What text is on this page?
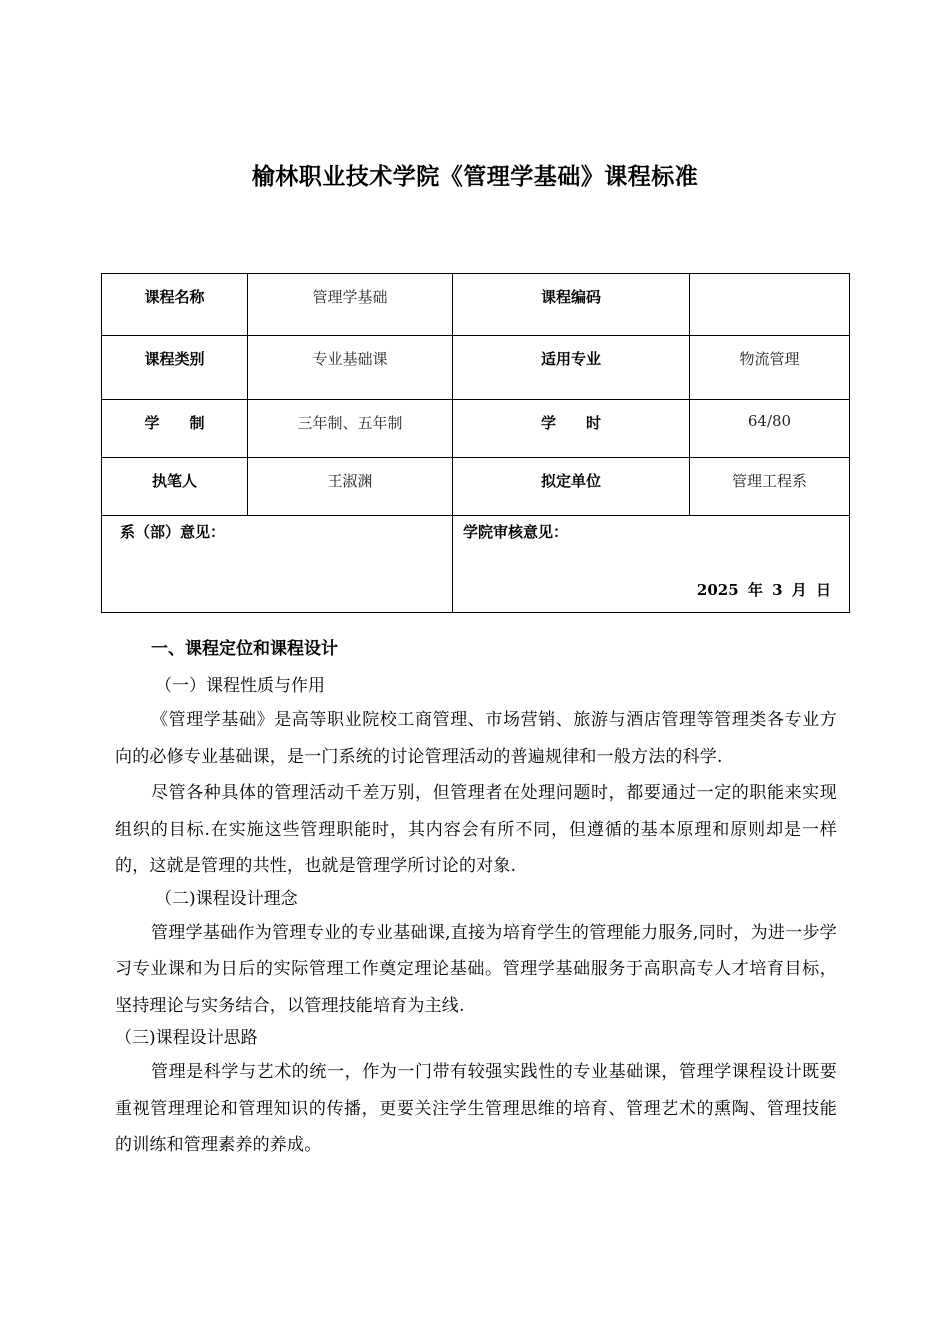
榆林职业技术学院《管理学基础》课程标准
课程名称	管理学基础	课程编码	
课程类别	专业基础课	适用专业	物流管理
学　　制	三年制、五年制	学　　时	64/80
执笔人	王淑渊	拟定单位	管理工程系
系（部）意见：		学院审核意见：
2025 年 3 月 日	
一、课程定位和课程设计
（一）课程性质与作用

《管理学基础》是高等职业院校工商管理、市场营销、旅游与酒店管理等管理类各专业方向的必修专业基础课，是一门系统的讨论管理活动的普遍规律和一般方法的科学.

尽管各种具体的管理活动千差万别，但管理者在处理问题时，都要通过一定的职能来实现组织的目标.在实施这些管理职能时，其内容会有所不同，但遵循的基本原理和原则却是一样的，这就是管理的共性，也就是管理学所讨论的对象.

（二)课程设计理念

管理学基础作为管理专业的专业基础课,直接为培育学生的管理能力服务,同时，为进一步学习专业课和为日后的实际管理工作奠定理论基础。管理学基础服务于高职高专人才培育目标，坚持理论与实务结合，以管理技能培育为主线.

（三)课程设计思路

管理是科学与艺术的统一，作为一门带有较强实践性的专业基础课，管理学课程设计既要重视管理理论和管理知识的传播，更要关注学生管理思维的培育、管理艺术的熏陶、管理技能的训练和管理素养的养成。
